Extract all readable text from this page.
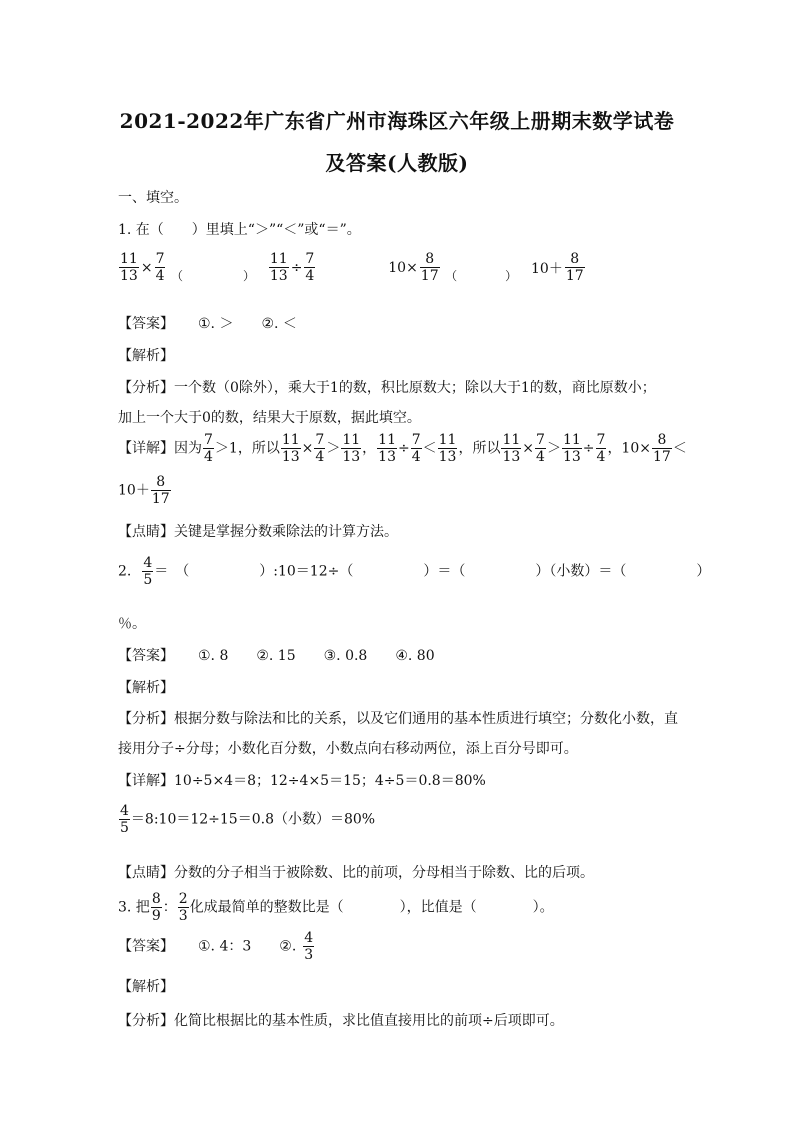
2021-2022年广东省广州市海珠区六年级上册期末数学试卷
及答案(人教版)
一、填空。
1. 在（　　）里填上“＞”“＜”或“＝”。
$\frac{11}{13} \times \frac{7}{4}$ （　　　　　） $\frac{11}{13} \div \frac{7}{4}$	$10\times \frac{8}{17}$ （　　　　） $10+ \frac{8}{17}$
【答案】 ①. ＞　　②. ＜
【解析】
【分析】一个数（0除外），乘大于1的数，积比原数大；除以大于1的数，商比原数小；
加上一个大于0的数，结果大于原数，据此填空。
【详解】因为 $\frac{7}{4} >1$，所以 $\frac{11}{13} \times \frac{7}{4} > \frac{11}{13}$ ， $\frac{11}{13} \div \frac{7}{4} < \frac{11}{13}$ ，所以 $\frac{11}{13} \times \frac{7}{4} > \frac{11}{13} \div \frac{7}{4}$ ，$10\times \frac{8}{17}$ ＜
$10+ \frac{8}{17}$
【点睛】关键是掌握分数乘除法的计算方法。
2. $\frac{4}{5}$ ＝　（　　　　　）:10＝12÷（　　　　　）＝（　　　　　）（小数）＝（　　　　　）
％。
【答案】 ①. 8　　②. 15　　③. 0.8　　④. 80
【解析】
【分析】根据分数与除法和比的关系，以及它们通用的基本性质进行填空；分数化小数，直
接用分子÷分母；小数化百分数，小数点向右移动两位，添上百分号即可。
【详解】10÷5×4＝8；12÷4×5＝15；4÷5＝0.8＝80%
$\frac{4}{5}$ ＝8:10＝12÷15＝0.8（小数）＝80%
【点睛】分数的分子相当于被除数、比的前项，分母相当于除数、比的后项。
3. 把 $\frac{8}{9}$ ： $\frac{2}{3}$ 化成最简单的整数比是（　　　　），比值是（　　　　）。
【答案】 ①. 4：3　　②. $\frac{4}{3}$
【解析】
【分析】化简比根据比的基本性质，求比值直接用比的前项÷后项即可。
